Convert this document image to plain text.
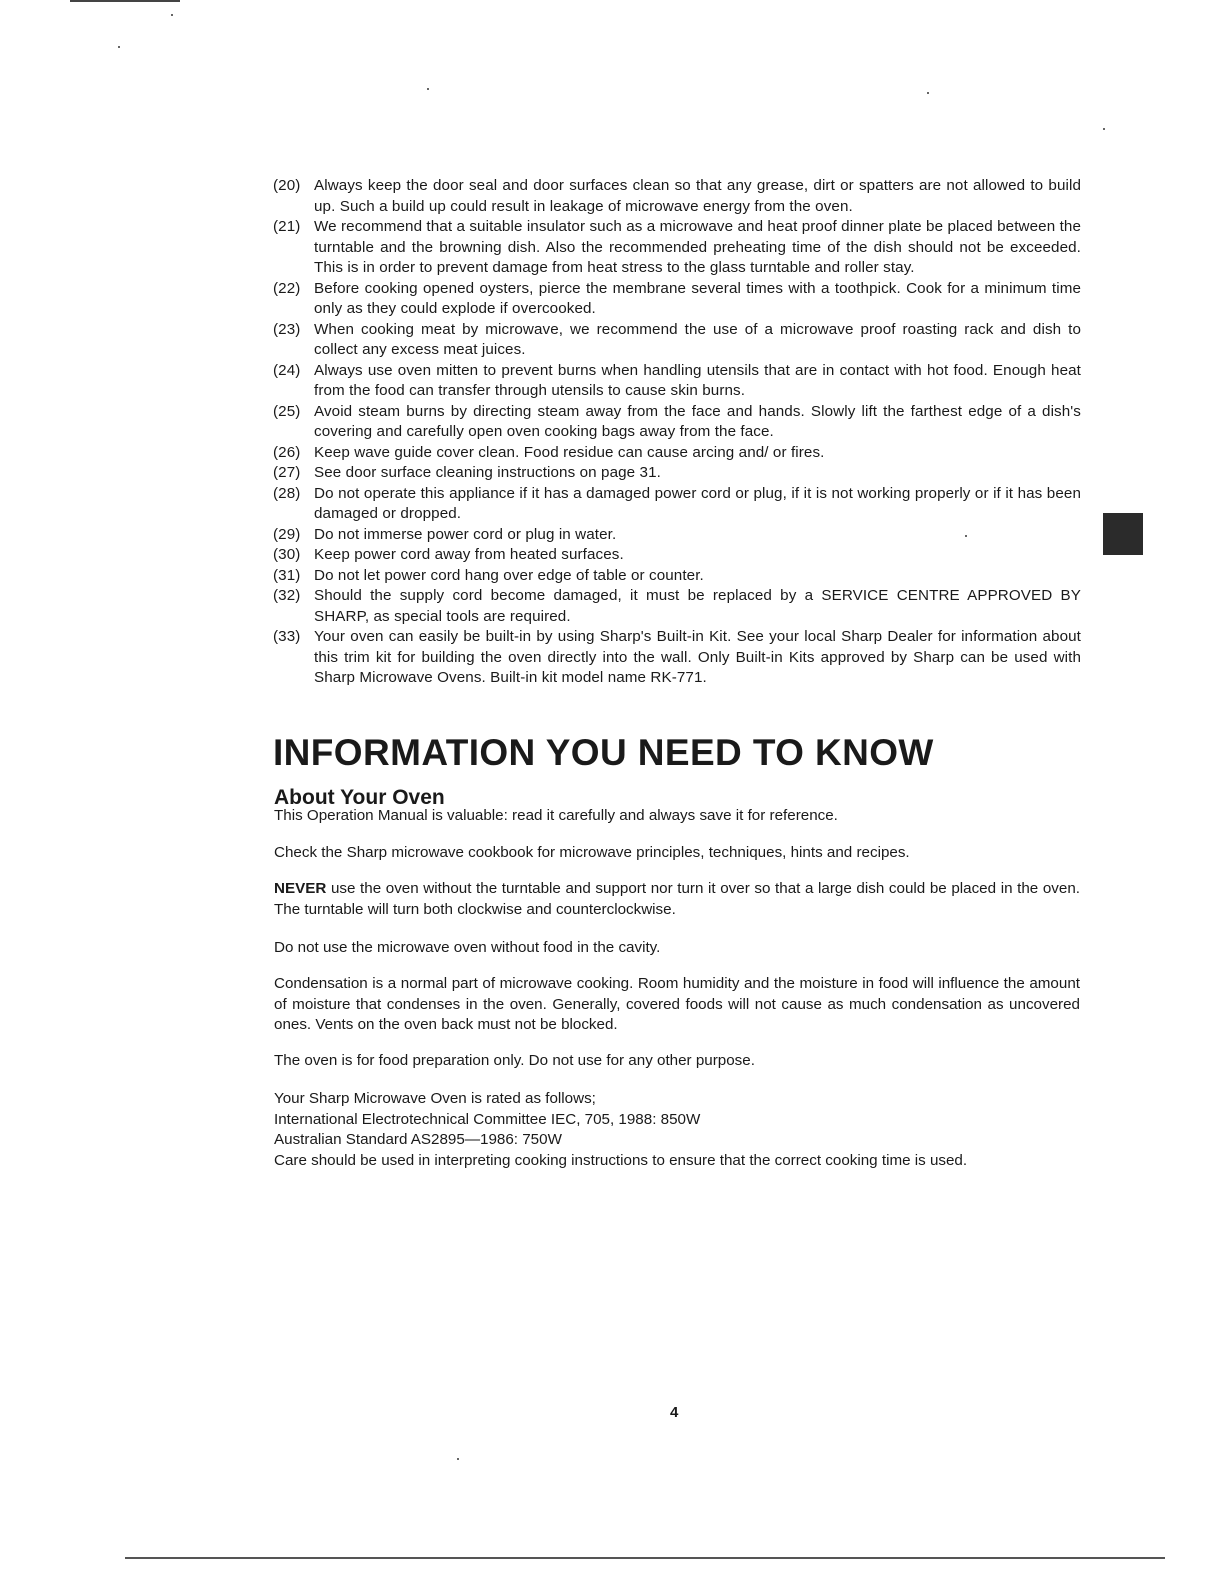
(20) Always keep the door seal and door surfaces clean so that any grease, dirt or spatters are not allowed to build up. Such a build up could result in leakage of microwave energy from the oven.
(21) We recommend that a suitable insulator such as a microwave and heat proof dinner plate be placed between the turntable and the browning dish. Also the recommended preheating time of the dish should not be exceeded. This is in order to prevent damage from heat stress to the glass turntable and roller stay.
(22) Before cooking opened oysters, pierce the membrane several times with a toothpick. Cook for a minimum time only as they could explode if overcooked.
(23) When cooking meat by microwave, we recommend the use of a microwave proof roasting rack and dish to collect any excess meat juices.
(24) Always use oven mitten to prevent burns when handling utensils that are in contact with hot food. Enough heat from the food can transfer through utensils to cause skin burns.
(25) Avoid steam burns by directing steam away from the face and hands. Slowly lift the farthest edge of a dish's covering and carefully open oven cooking bags away from the face.
(26) Keep wave guide cover clean. Food residue can cause arcing and/ or fires.
(27) See door surface cleaning instructions on page 31.
(28) Do not operate this appliance if it has a damaged power cord or plug, if it is not working properly or if it has been damaged or dropped.
(29) Do not immerse power cord or plug in water.
(30) Keep power cord away from heated surfaces.
(31) Do not let power cord hang over edge of table or counter.
(32) Should the supply cord become damaged, it must be replaced by a SERVICE CENTRE APPROVED BY SHARP, as special tools are required.
(33) Your oven can easily be built-in by using Sharp's Built-in Kit. See your local Sharp Dealer for information about this trim kit for building the oven directly into the wall. Only Built-in Kits approved by Sharp can be used with Sharp Microwave Ovens. Built-in kit model name RK-771.
INFORMATION YOU NEED TO KNOW
About Your Oven

This Operation Manual is valuable: read it carefully and always save it for reference.

Check the Sharp microwave cookbook for microwave principles, techniques, hints and recipes.

NEVER use the oven without the turntable and support nor turn it over so that a large dish could be placed in the oven. The turntable will turn both clockwise and counterclockwise.

Do not use the microwave oven without food in the cavity.

Condensation is a normal part of microwave cooking. Room humidity and the moisture in food will influence the amount of moisture that condenses in the oven. Generally, covered foods will not cause as much condensation as uncovered ones. Vents on the oven back must not be blocked.

The oven is for food preparation only. Do not use for any other purpose.

Your Sharp Microwave Oven is rated as follows;
International Electrotechnical Committee IEC, 705, 1988: 850W
Australian Standard AS2895—1986: 750W
Care should be used in interpreting cooking instructions to ensure that the correct cooking time is used.

4
